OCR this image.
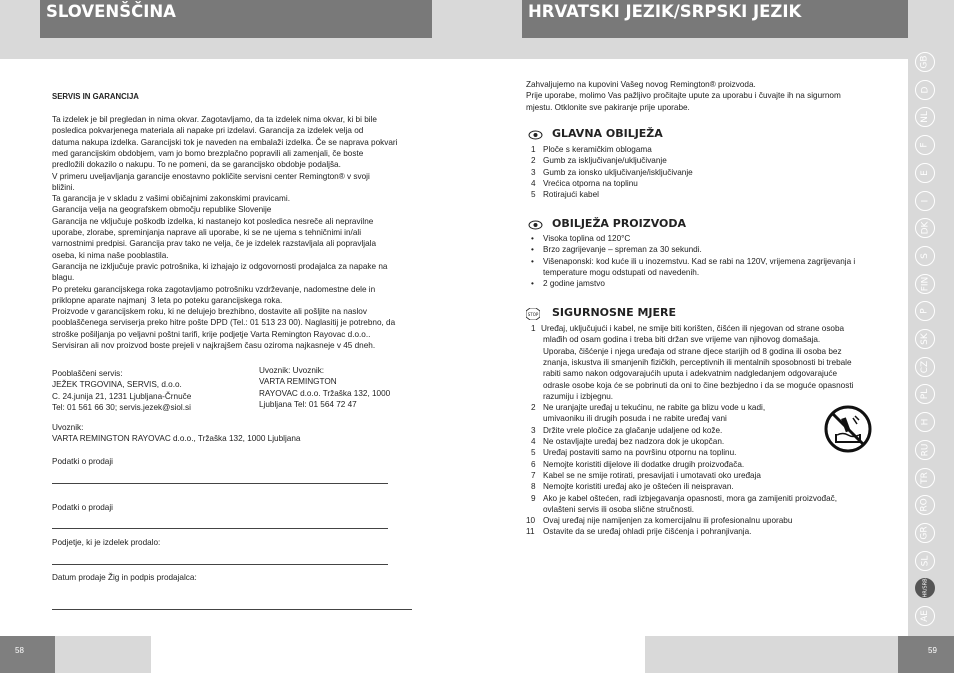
SLOVENŠČINA	HRVATSKI JEZIK/SRPSKI JEZIK
SERVIS IN GARANCIJA
Ta izdelek je bil pregledan in nima okvar. Zagotavljamo, da ta izdelek nima okvar, ki bi bile
posledica pokvarjenega materiala ali napake pri izdelavi. Garancija za izdelek velja od
datuma nakupa izdelka. Garancijski tok je naveden na embalaži izdelka. Če se naprava pokvari
med garancijskim obdobjem, vam jo bomo brezplačno popravili ali zamenjali, če boste
predložili dokazilo o nakupu. To ne pomeni, da se garancijsko obdobje podaljša.
V primeru uveljavljanja garancije enostavno pokličite servisni center Remington® v svoji
bližini.
Ta garancija je v skladu z vašimi običajnimi zakonskimi pravicami.
Garancija velja na geografskem območju republike Slovenije
Garancija ne vključuje poškodb izdelka, ki nastanejo kot posledica nesreče ali nepravilne
uporabe, zlorabe, spreminjanja naprave ali uporabe, ki se ne ujema s tehničnimi in/ali
varnostnimi predpisi. Garancija prav tako ne velja, če je izdelek razstavljala ali popravljala
oseba, ki nima naše pooblastila.
Garancija ne izključuje pravic potrošnika, ki izhajajo iz odgovornosti prodajalca za napake na
blagu.
Po preteku garancijskega roka zagotavljamo potrošniku vzdrževanje, nadomestne dele in
priklopne aparate najmanj  3 leta po poteku garancijskega roka.
Proizvode v garancijskem roku, ki ne delujejo brezhibno, dostavite ali pošljite na naslov
pooblaščenega serviserja preko hitre pošte DPD (Tel.: 01 513 23 00). Naglasitij je potrebno, da
stroške pošiljanja po veljavni poštni tarifi, krije podjetje Varta Remington Rayovac d.o.o..
Servisiran ali nov proizvod boste prejeli v najkrajšem času oziroma najkasneje v 45 dneh.
Pooblaščeni servis:
JEŽEK TRGOVINA, SERVIS, d.o.o.
C. 24.junija 21, 1231 Ljubljana-Črnuče
Tel: 01 561 66 30; servis.jezek@siol.si
Uvoznik: Uvoznik:
VARTA REMINGTON
RAYOVAC d.o.o. Tržaška 132, 1000
Ljubljana Tel: 01 564 72 47
Uvoznik:
VARTA REMINGTON RAYOVAC d.o.o., Tržaška 132, 1000 Ljubljana
Podatki o prodaji
Podatki o prodaji
Podjetje, ki je izdelek prodalo:
Datum prodaje Žig in podpis prodajalca:
Zahvaljujemo na kupovini Vašeg novog Remington® proizvoda.
Prije uporabe, molimo Vas pažljivo pročitajte upute za uporabu i čuvajte ih na sigurnom
mjestu. Otklonite sve pakiranje prije uporabe.
GLAVNA OBILJEŽA
1 Ploče s keramičkim oblogama
2 Gumb za isključivanje/uključivanje
3 Gumb za ionsko uključivanje/isključivanje
4 Vrećica otporna na toplinu
5 Rotirajući kabel
OBILJEŽA PROIZVODA
• Visoka toplina od 120°C
• Brzo zagrijevanje – spreman za 30 sekundi.
• Višenaponski: kod kuće ili u inozemstvu. Kad se rabi na 120V, vrijemena zagrijevanja i
temperature mogu odstupati od navedenih.
• 2 godine jamstvo
STOP SIGURNOSNE MJERE
1 Uređaj, uključujući i kabel, ne smije biti korišten, čišćen ili njegovan od strane osoba
mlađih od osam godina i treba biti držan sve vrijeme van njihovog domašaja.
Uporaba, čišćenje i njega uređaja od strane djece starijih od 8 godina ili osoba bez
znanja, iskustva ili smanjenih fizičkih, perceptivnih ili mentalnih sposobnosti bi trebale
rabiti samo nakon odgovarajućih uputa i adekvatnim nadgledanjem odgovarajuće
odrasle osobe koja će se pobrinuti da oni to čine bezbjedno i da se moguće opasnosti
razumiju i izbjegnu.
2 Ne uranjajte uređaj u tekućinu, ne rabite ga blizu vode u kadi,
umivaoniku ili drugih posuda i ne rabite uređaj vani
3 Držite vrele pločice za glačanje udaljene od kože.
4 Ne ostavljajte uređaj bez nadzora dok je ukopčan.
5 Uređaj postaviti samo na površinu otpornu na toplinu.
6 Nemojte koristiti dijelove ili dodatke drugih proizvođača.
7 Kabel se ne smije rotirati, presavijati i umotavati oko uređaja
8 Nemojte koristiti uređaj ako je oštećen ili neispravan.
9 Ako je kabel oštećen, radi izbjegavanja opasnosti, mora ga zamijeniti proizvođač,
ovlašteni servis ili osoba slične stručnosti.
10 Ovaj uređaj nije namijenjen za komercijalnu ili profesionalnu uporabu
11 Ostavite da se uređaj ohladi prije čišćenja i pohranjivanja.
GB
D
NL
F
E
I
DK
S
FIN
P
SK
CZ
PL
H
RU
TR
RO
GR
SL
HR/SRB
AE
58	59
